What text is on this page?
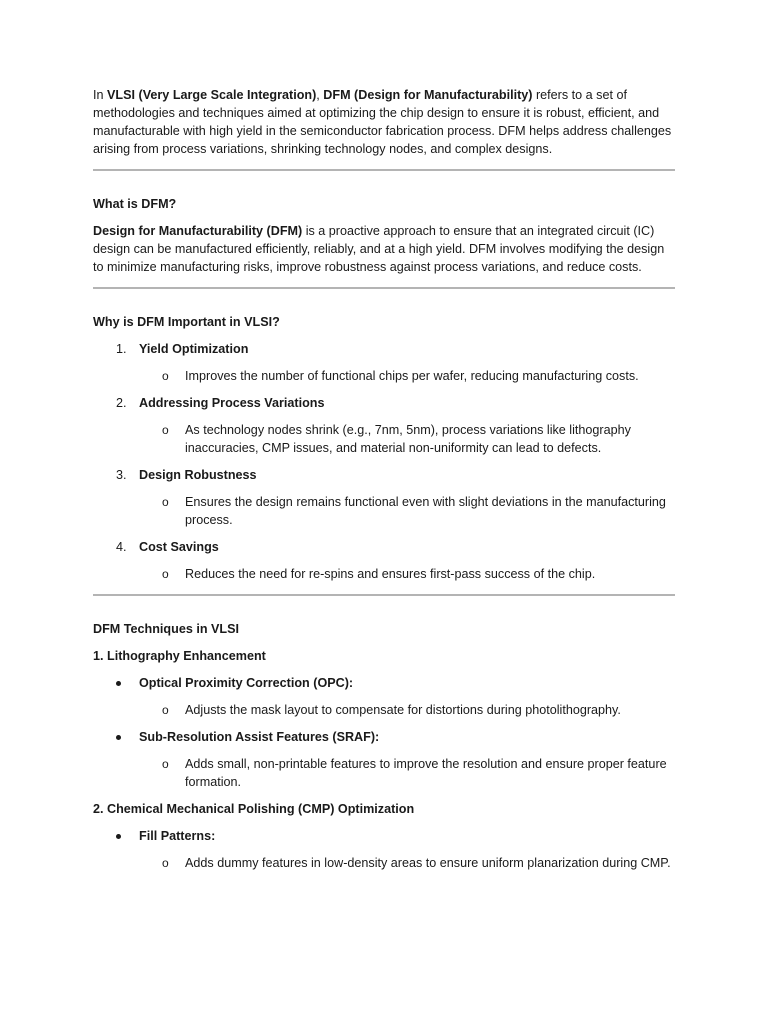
In VLSI (Very Large Scale Integration), DFM (Design for Manufacturability) refers to a set of methodologies and techniques aimed at optimizing the chip design to ensure it is robust, efficient, and manufacturable with high yield in the semiconductor fabrication process. DFM helps address challenges arising from process variations, shrinking technology nodes, and complex designs.

What is DFM?

Design for Manufacturability (DFM) is a proactive approach to ensure that an integrated circuit (IC) design can be manufactured efficiently, reliably, and at a high yield. DFM involves modifying the design to minimize manufacturing risks, improve robustness against process variations, and reduce costs.

Why is DFM Important in VLSI?

1. Yield Optimization
o Improves the number of functional chips per wafer, reducing manufacturing costs.
2. Addressing Process Variations
o As technology nodes shrink (e.g., 7nm, 5nm), process variations like lithography inaccuracies, CMP issues, and material non-uniformity can lead to defects.
3. Design Robustness
o Ensures the design remains functional even with slight deviations in the manufacturing process.
4. Cost Savings
o Reduces the need for re-spins and ensures first-pass success of the chip.

DFM Techniques in VLSI

1. Lithography Enhancement

Optical Proximity Correction (OPC):
o Adjusts the mask layout to compensate for distortions during photolithography.
Sub-Resolution Assist Features (SRAF):
o Adds small, non-printable features to improve the resolution and ensure proper feature formation.

2. Chemical Mechanical Polishing (CMP) Optimization

Fill Patterns:
o Adds dummy features in low-density areas to ensure uniform planarization during CMP.
